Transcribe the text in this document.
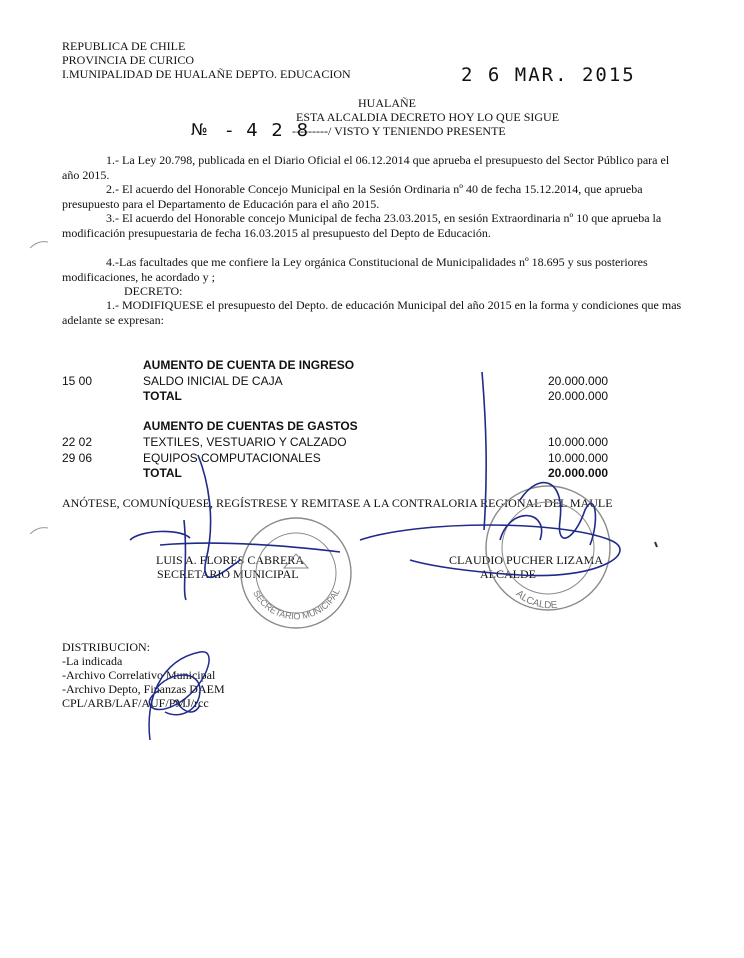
REPUBLICA DE CHILE
PROVINCIA DE CURICO
I.MUNIPALIDAD DE HUALAÑE DEPTO. EDUCACION	2 6 MAR. 2015
HUALAÑE
ESTA ALCALDIA DECRETO HOY LO QUE SIGUE
№ - 4 2 8
---------/ VISTO Y TENIENDO PRESENTE
1.- La Ley 20.798, publicada en el Diario Oficial el 06.12.2014 que aprueba el presupuesto del Sector Público para el año 2015.
2.- El acuerdo del Honorable Concejo Municipal en la Sesión Ordinaria nº 40 de fecha 15.12.2014, que aprueba presupuesto para el Departamento de Educación para el año 2015.
3.- El acuerdo del Honorable concejo Municipal de fecha 23.03.2015, en sesión Extraordinaria nº 10 que aprueba la modificación presupuestaria de fecha 16.03.2015 al presupuesto del Depto de Educación.
4.-Las facultades que me confiere la Ley orgánica Constitucional de Municipalidades nº 18.695 y sus posteriores modificaciones, he acordado y ;
DECRETO:
1.- MODIFIQUESE el presupuesto del Depto. de educación Municipal del año 2015 en la forma y condiciones que mas adelante se expresan:
AUMENTO DE CUENTA DE INGRESO
15 00	SALDO INICIAL DE CAJA	20.000.000
TOTAL	20.000.000
AUMENTO DE CUENTAS DE GASTOS
22 02	TEXTILES, VESTUARIO Y CALZADO	10.000.000
29 06	EQUIPOS COMPUTACIONALES	10.000.000
TOTAL	20.000.000
ANÓTESE, COMUNÍQUESE, REGÍSTRESE Y REMITASE A LA CONTRALORIA REGIONAL DEL MAULE
LUIS A. FLORES CABRERA
SECRETARIO MUNICIPAL
CLAUDIO PUCHER LIZAMA
ALCALDE
DISTRIBUCION:
-La indicada
-Archivo Correlativo Municipal
-Archivo Depto, Finanzas DAEM
CPL/ARB/LAF/AUF/PMJ/rcc
SECRETARIO MUNICIPAL	ALCALDE
